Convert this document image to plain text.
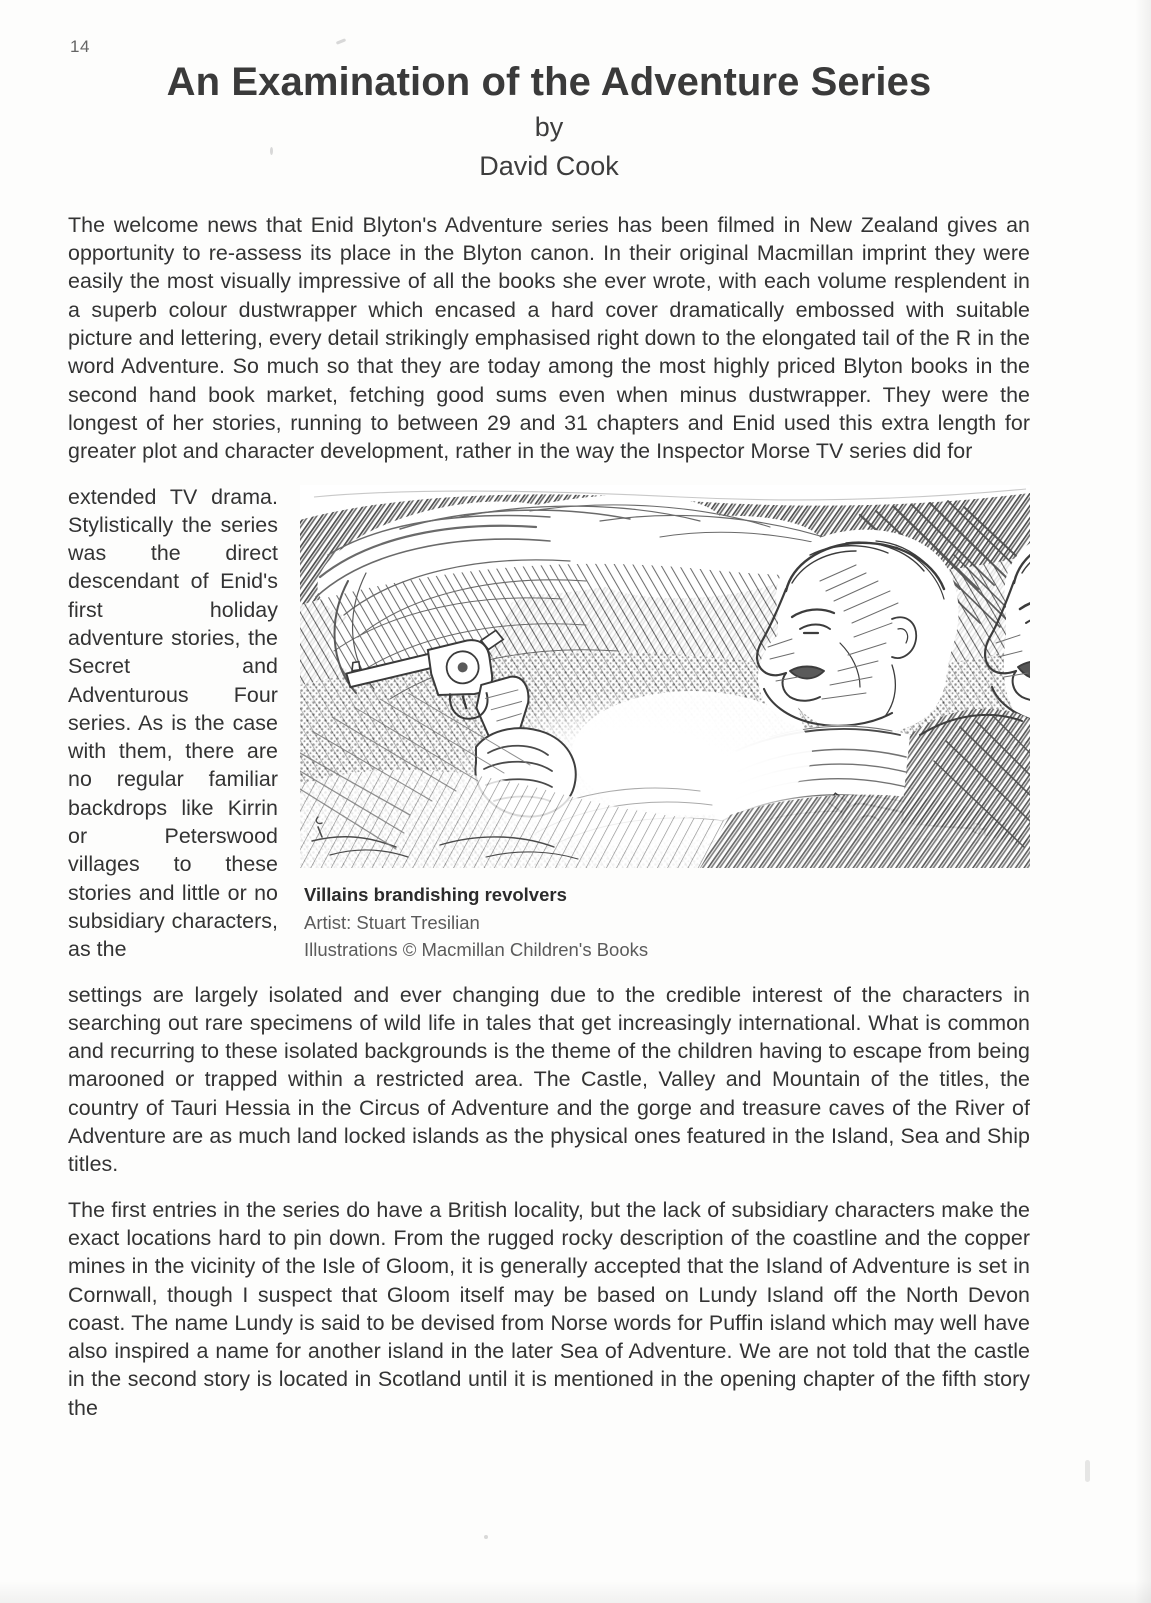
14
An Examination of the Adventure Series

by

David Cook

The welcome news that Enid Blyton's Adventure series has been filmed in New Zealand gives an opportunity to re-assess its place in the Blyton canon. In their original Macmillan imprint they were easily the most visually impressive of all the books she ever wrote, with each volume resplendent in a superb colour dustwrapper which encased a hard cover dramatically embossed with suitable picture and lettering, every detail strikingly emphasised right down to the elongated tail of the R in the word Adventure. So much so that they are today among the most highly priced Blyton books in the second hand book market, fetching good sums even when minus dustwrapper. They were the longest of her stories, running to between 29 and 31 chapters and Enid used this extra length for greater plot and character development, rather in the way the Inspector Morse TV series did for

Villains brandishing revolvers

Artist: Stuart Tresilian

Illustrations © Macmillan Children's Books

extended TV drama. Stylistically the series was the direct descendant of Enid's first holiday adventure stories, the Secret and Adventurous Four series. As is the case with them, there are no regular familiar backdrops like Kirrin or Peterswood villages to these stories and little or no subsidiary characters, as the

settings are largely isolated and ever changing due to the credible interest of the characters in searching out rare specimens of wild life in tales that get increasingly international. What is common and recurring to these isolated backgrounds is the theme of the children having to escape from being marooned or trapped within a restricted area. The Castle, Valley and Mountain of the titles, the country of Tauri Hessia in the Circus of Adventure and the gorge and treasure caves of the River of Adventure are as much land locked islands as the physical ones featured in the Island, Sea and Ship titles.

The first entries in the series do have a British locality, but the lack of subsidiary characters make the exact locations hard to pin down. From the rugged rocky description of the coastline and the copper mines in the vicinity of the Isle of Gloom, it is generally accepted that the Island of Adventure is set in Cornwall, though I suspect that Gloom itself may be based on Lundy Island off the North Devon coast. The name Lundy is said to be devised from Norse words for Puffin island which may well have also inspired a name for another island in the later Sea of Adventure. We are not told that the castle in the second story is located in Scotland until it is mentioned in the opening chapter of the fifth story the
